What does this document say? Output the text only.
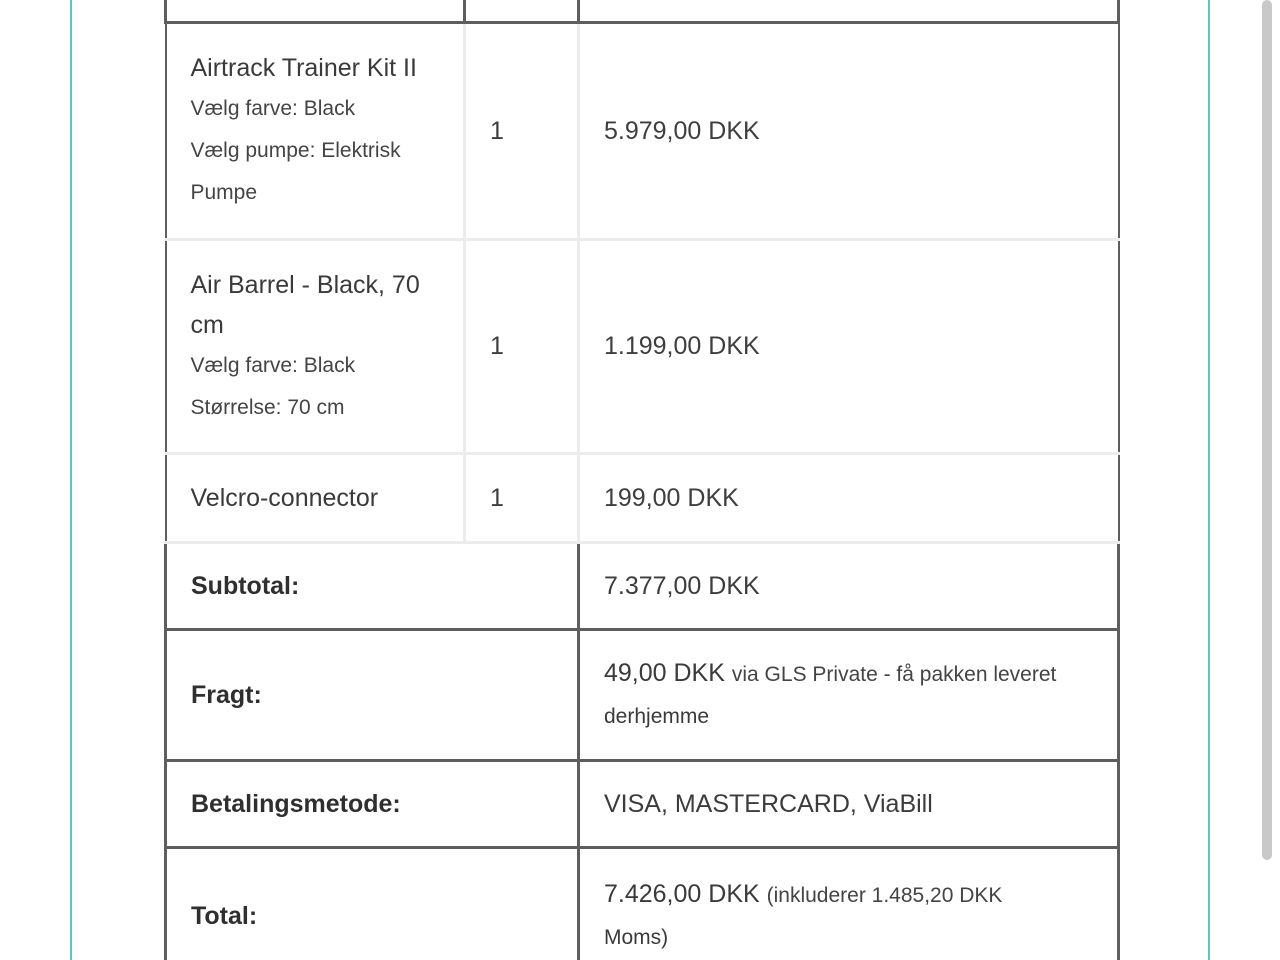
Airtrack Trainer Kit II
Vælg farve: Black
Vælg pumpe: Elektrisk
Pumpe	1	5.979,00 DKK

Air Barrel - Black, 70
cm
Vælg farve: Black
Størrelse: 70 cm	1	1.199,00 DKK

Velcro-connector	1	199,00 DKK
Subtotal:		7.377,00 DKK
Fragt:		49,00 DKK via GLS Private - få pakken leveret
derhjemme

Betalingsmetode:		VISA, MASTERCARD, ViaBill
Total:		7.426,00 DKK (inkluderer 1.485,20 DKK
Moms)
